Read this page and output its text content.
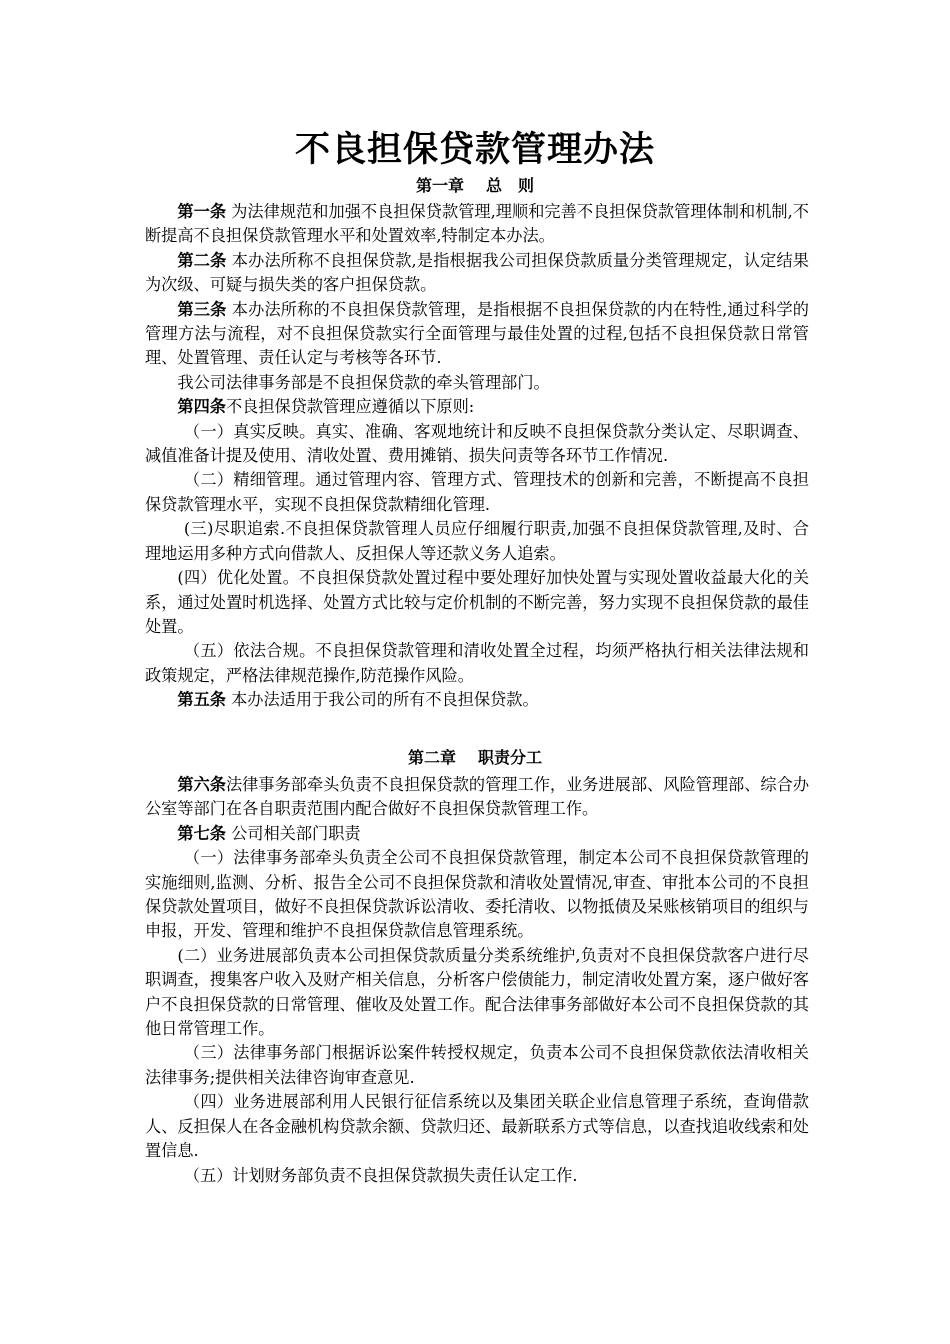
不良担保贷款管理办法
第一章 总　则

第一条 为法律规范和加强不良担保贷款管理,理顺和完善不良担保贷款管理体制和机制,不断提高不良担保贷款管理水平和处置效率,特制定本办法。

第二条 本办法所称不良担保贷款,是指根据我公司担保贷款质量分类管理规定，认定结果为次级、可疑与损失类的客户担保贷款。

第三条 本办法所称的不良担保贷款管理，是指根据不良担保贷款的内在特性,通过科学的管理方法与流程，对不良担保贷款实行全面管理与最佳处置的过程,包括不良担保贷款日常管理、处置管理、责任认定与考核等各环节.

我公司法律事务部是不良担保贷款的牵头管理部门。

第四条不良担保贷款管理应遵循以下原则:

（一）真实反映。真实、准确、客观地统计和反映不良担保贷款分类认定、尽职调查、减值准备计提及使用、清收处置、费用摊销、损失问责等各环节工作情况.

（二）精细管理。通过管理内容、管理方式、管理技术的创新和完善，不断提高不良担保贷款管理水平，实现不良担保贷款精细化管理.

(三)尽职追索.不良担保贷款管理人员应仔细履行职责,加强不良担保贷款管理,及时、合理地运用多种方式向借款人、反担保人等还款义务人追索。

(四）优化处置。不良担保贷款处置过程中要处理好加快处置与实现处置收益最大化的关系，通过处置时机选择、处置方式比较与定价机制的不断完善，努力实现不良担保贷款的最佳处置。

（五）依法合规。不良担保贷款管理和清收处置全过程，均须严格执行相关法律法规和政策规定，严格法律规范操作,防范操作风险。

第五条 本办法适用于我公司的所有不良担保贷款。

第二章 职责分工

第六条法律事务部牵头负责不良担保贷款的管理工作，业务进展部、风险管理部、综合办公室等部门在各自职责范围内配合做好不良担保贷款管理工作。

第七条 公司相关部门职责

（一）法律事务部牵头负责全公司不良担保贷款管理，制定本公司不良担保贷款管理的实施细则,监测、分析、报告全公司不良担保贷款和清收处置情况,审查、审批本公司的不良担保贷款处置项目，做好不良担保贷款诉讼清收、委托清收、以物抵债及呆账核销项目的组织与申报，开发、管理和维护不良担保贷款信息管理系统。

(二）业务进展部负责本公司担保贷款质量分类系统维护,负责对不良担保贷款客户进行尽职调查，搜集客户收入及财产相关信息，分析客户偿债能力，制定清收处置方案，逐户做好客户不良担保贷款的日常管理、催收及处置工作。配合法律事务部做好本公司不良担保贷款的其他日常管理工作。

（三）法律事务部门根据诉讼案件转授权规定，负责本公司不良担保贷款依法清收相关法律事务;提供相关法律咨询审查意见.

（四）业务进展部利用人民银行征信系统以及集团关联企业信息管理子系统，查询借款人、反担保人在各金融机构贷款余额、贷款归还、最新联系方式等信息，以查找追收线索和处置信息.

（五）计划财务部负责不良担保贷款损失责任认定工作.
